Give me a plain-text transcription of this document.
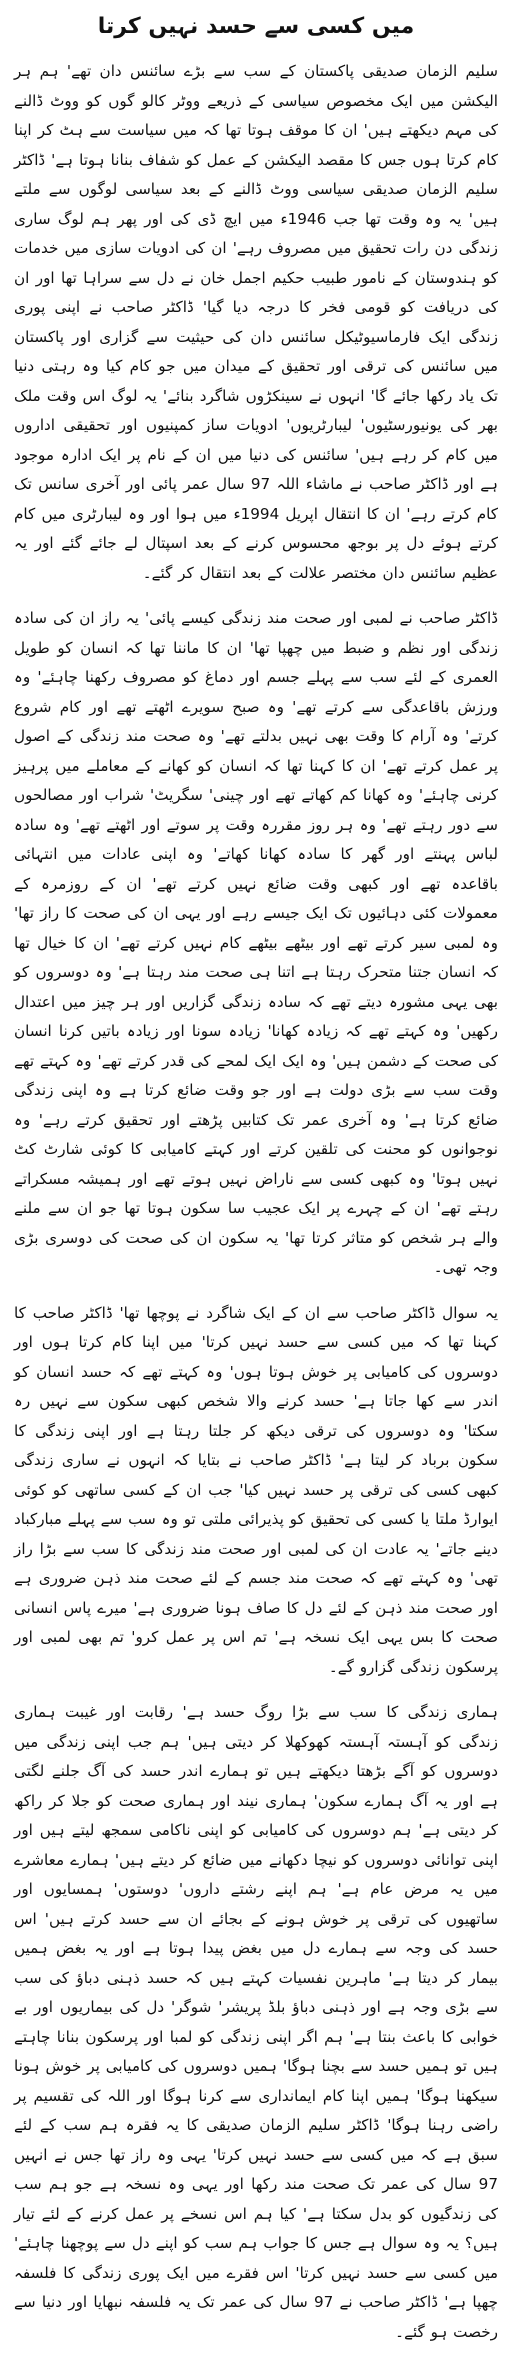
میں کسی سے حسد نہیں کرتا

سلیم الزمان صدیقی پاکستان کے سب سے بڑے سائنس دان تھے' ہم ہر الیکشن میں ایک مخصوص سیاسی کے ذریعے ووٹر کالو گوں کو ووٹ ڈالنے کی مہم دیکھتے ہیں' ان کا موقف ہوتا تھا کہ میں سیاست سے ہٹ کر اپنا کام کرتا ہوں جس کا مقصد الیکشن کے عمل کو شفاف بنانا ہوتا ہے' ڈاکٹر سلیم الزمان صدیقی سیاسی ووٹ ڈالنے کے بعد سیاسی لوگوں سے ملتے ہیں' یہ وہ وقت تھا جب 1946ء میں ایچ ڈی کی اور پھر ہم لوگ ساری زندگی دن رات تحقیق میں مصروف رہے' ان کی ادویات سازی میں خدمات کو ہندوستان کے نامور طبیب حکیم اجمل خان نے دل سے سراہا تھا اور ان کی دریافت کو قومی فخر کا درجہ دیا گیا' ڈاکٹر صاحب نے اپنی پوری زندگی ایک فارماسیوٹیکل سائنس دان کی حیثیت سے گزاری اور پاکستان میں سائنس کی ترقی اور تحقیق کے میدان میں جو کام کیا وہ رہتی دنیا تک یاد رکھا جائے گا' انہوں نے سینکڑوں شاگرد بنائے' یہ لوگ اس وقت ملک بھر کی یونیورسٹیوں' لیبارٹریوں' ادویات ساز کمپنیوں اور تحقیقی اداروں میں کام کر رہے ہیں' سائنس کی دنیا میں ان کے نام پر ایک ادارہ موجود ہے اور ڈاکٹر صاحب نے ماشاء اللہ 97 سال عمر پائی اور آخری سانس تک کام کرتے رہے' ان کا انتقال اپریل 1994ء میں ہوا اور وہ لیبارٹری میں کام کرتے ہوئے دل پر بوجھ محسوس کرنے کے بعد اسپتال لے جائے گئے اور یہ عظیم سائنس دان مختصر علالت کے بعد انتقال کر گئے۔

ڈاکٹر صاحب نے لمبی اور صحت مند زندگی کیسے پائی' یہ راز ان کی سادہ زندگی اور نظم و ضبط میں چھپا تھا' ان کا ماننا تھا کہ انسان کو طویل العمری کے لئے سب سے پہلے جسم اور دماغ کو مصروف رکھنا چاہئے' وہ ورزش باقاعدگی سے کرتے تھے' وہ صبح سویرے اٹھتے تھے اور کام شروع کرتے' وہ آرام کا وقت بھی نہیں بدلتے تھے' وہ صحت مند زندگی کے اصول پر عمل کرتے تھے' ان کا کہنا تھا کہ انسان کو کھانے کے معاملے میں پرہیز کرنی چاہئے' وہ کھانا کم کھاتے تھے اور چینی' سگریٹ' شراب اور مصالحوں سے دور رہتے تھے' وہ ہر روز مقررہ وقت پر سوتے اور اٹھتے تھے' وہ سادہ لباس پہنتے اور گھر کا سادہ کھانا کھاتے' وہ اپنی عادات میں انتہائی باقاعدہ تھے اور کبھی وقت ضائع نہیں کرتے تھے' ان کے روزمرہ کے معمولات کئی دہائیوں تک ایک جیسے رہے اور یہی ان کی صحت کا راز تھا' وہ لمبی سیر کرتے تھے اور بیٹھے بیٹھے کام نہیں کرتے تھے' ان کا خیال تھا کہ انسان جتنا متحرک رہتا ہے اتنا ہی صحت مند رہتا ہے' وہ دوسروں کو بھی یہی مشورہ دیتے تھے کہ سادہ زندگی گزاریں اور ہر چیز میں اعتدال رکھیں' وہ کہتے تھے کہ زیادہ کھانا' زیادہ سونا اور زیادہ باتیں کرنا انسان کی صحت کے دشمن ہیں' وہ ایک ایک لمحے کی قدر کرتے تھے' وہ کہتے تھے وقت سب سے بڑی دولت ہے اور جو وقت ضائع کرتا ہے وہ اپنی زندگی ضائع کرتا ہے' وہ آخری عمر تک کتابیں پڑھتے اور تحقیق کرتے رہے' وہ نوجوانوں کو محنت کی تلقین کرتے اور کہتے کامیابی کا کوئی شارٹ کٹ نہیں ہوتا' وہ کبھی کسی سے ناراض نہیں ہوتے تھے اور ہمیشہ مسکراتے رہتے تھے' ان کے چہرے پر ایک عجیب سا سکون ہوتا تھا جو ان سے ملنے والے ہر شخص کو متاثر کرتا تھا' یہ سکون ان کی صحت کی دوسری بڑی وجہ تھی۔

یہ سوال ڈاکٹر صاحب سے ان کے ایک شاگرد نے پوچھا تھا' ڈاکٹر صاحب کا کہنا تھا کہ میں کسی سے حسد نہیں کرتا' میں اپنا کام کرتا ہوں اور دوسروں کی کامیابی پر خوش ہوتا ہوں' وہ کہتے تھے کہ حسد انسان کو اندر سے کھا جاتا ہے' حسد کرنے والا شخص کبھی سکون سے نہیں رہ سکتا' وہ دوسروں کی ترقی دیکھ کر جلتا رہتا ہے اور اپنی زندگی کا سکون برباد کر لیتا ہے' ڈاکٹر صاحب نے بتایا کہ انہوں نے ساری زندگی کبھی کسی کی ترقی پر حسد نہیں کیا' جب ان کے کسی ساتھی کو کوئی ایوارڈ ملتا یا کسی کی تحقیق کو پذیرائی ملتی تو وہ سب سے پہلے مبارکباد دینے جاتے' یہ عادت ان کی لمبی اور صحت مند زندگی کا سب سے بڑا راز تھی' وہ کہتے تھے کہ صحت مند جسم کے لئے صحت مند ذہن ضروری ہے اور صحت مند ذہن کے لئے دل کا صاف ہونا ضروری ہے' میرے پاس انسانی صحت کا بس یہی ایک نسخہ ہے' تم اس پر عمل کرو' تم بھی لمبی اور پرسکون زندگی گزارو گے۔

ہماری زندگی کا سب سے بڑا روگ حسد ہے' رقابت اور غیبت ہماری زندگی کو آہستہ آہستہ کھوکھلا کر دیتی ہیں' ہم جب اپنی زندگی میں دوسروں کو آگے بڑھتا دیکھتے ہیں تو ہمارے اندر حسد کی آگ جلنے لگتی ہے اور یہ آگ ہمارے سکون' ہماری نیند اور ہماری صحت کو جلا کر راکھ کر دیتی ہے' ہم دوسروں کی کامیابی کو اپنی ناکامی سمجھ لیتے ہیں اور اپنی توانائی دوسروں کو نیچا دکھانے میں ضائع کر دیتے ہیں' ہمارے معاشرے میں یہ مرض عام ہے' ہم اپنے رشتے داروں' دوستوں' ہمسایوں اور ساتھیوں کی ترقی پر خوش ہونے کے بجائے ان سے حسد کرتے ہیں' اس حسد کی وجہ سے ہمارے دل میں بغض پیدا ہوتا ہے اور یہ بغض ہمیں بیمار کر دیتا ہے' ماہرین نفسیات کہتے ہیں کہ حسد ذہنی دباؤ کی سب سے بڑی وجہ ہے اور ذہنی دباؤ بلڈ پریشر' شوگر' دل کی بیماریوں اور بے خوابی کا باعث بنتا ہے' ہم اگر اپنی زندگی کو لمبا اور پرسکون بنانا چاہتے ہیں تو ہمیں حسد سے بچنا ہوگا' ہمیں دوسروں کی کامیابی پر خوش ہونا سیکھنا ہوگا' ہمیں اپنا کام ایمانداری سے کرنا ہوگا اور اللہ کی تقسیم پر راضی رہنا ہوگا' ڈاکٹر سلیم الزمان صدیقی کا یہ فقرہ ہم سب کے لئے سبق ہے کہ میں کسی سے حسد نہیں کرتا' یہی وہ راز تھا جس نے انہیں 97 سال کی عمر تک صحت مند رکھا اور یہی وہ نسخہ ہے جو ہم سب کی زندگیوں کو بدل سکتا ہے' کیا ہم اس نسخے پر عمل کرنے کے لئے تیار ہیں؟ یہ وہ سوال ہے جس کا جواب ہم سب کو اپنے دل سے پوچھنا چاہئے' میں کسی سے حسد نہیں کرتا' اس فقرے میں ایک پوری زندگی کا فلسفہ چھپا ہے' ڈاکٹر صاحب نے 97 سال کی عمر تک یہ فلسفہ نبھایا اور دنیا سے رخصت ہو گئے۔
